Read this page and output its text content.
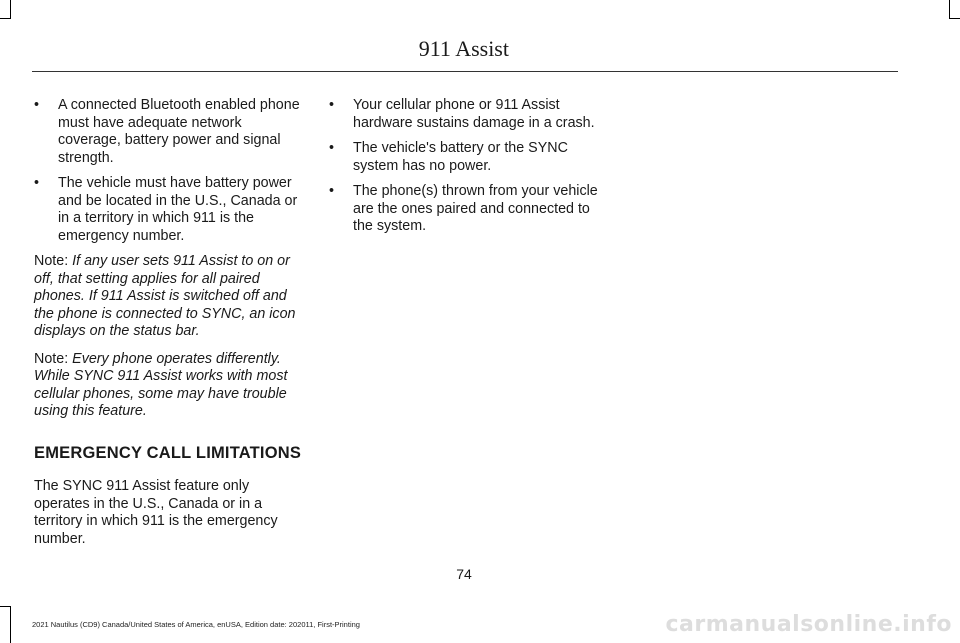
911 Assist
•	A connected Bluetooth enabled phone must have adequate network coverage, battery power and signal strength.
•	The vehicle must have battery power and be located in the U.S., Canada or in a territory in which 911 is the emergency number.

Note: If any user sets 911 Assist to on or off, that setting applies for all paired phones. If 911 Assist is switched off and the phone is connected to SYNC, an icon displays on the status bar.

Note: Every phone operates differently. While SYNC 911 Assist works with most cellular phones, some may have trouble using this feature.

EMERGENCY CALL LIMITATIONS

The SYNC 911 Assist feature only operates in the U.S., Canada or in a territory in which 911 is the emergency number.

•	Your cellular phone or 911 Assist hardware sustains damage in a crash.
•	The vehicle's battery or the SYNC system has no power.
•	The phone(s) thrown from your vehicle are the ones paired and connected to the system.
74
2021 Nautilus (CD9) Canada/United States of America, enUSA, Edition date: 202011, First-Printing	carmanualsonline.info
